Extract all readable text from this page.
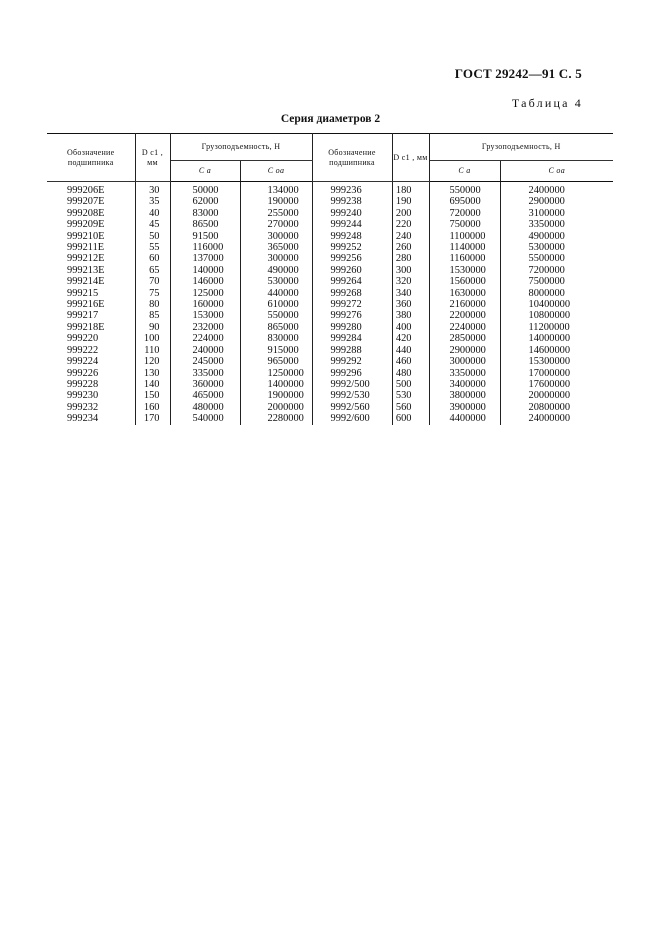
ГОСТ 29242—91 С. 5
Таблица 4
Серия диаметров 2
Обозначение подшипника	D c1 , мм	Грузоподъемность, Н		Обозначение подшипника	D c1 , мм	Грузоподъемность, Н	
		C a	C oa			C a	C oa
999206E	30	50000	134000	999236	180	550000	2400000
999207E	35	62000	190000	999238	190	695000	2900000
999208E	40	83000	255000	999240	200	720000	3100000
999209E	45	86500	270000	999244	220	750000	3350000
999210E	50	91500	300000	999248	240	1100000	4900000
999211E	55	116000	365000	999252	260	1140000	5300000
999212E	60	137000	300000	999256	280	1160000	5500000
999213E	65	140000	490000	999260	300	1530000	7200000
999214E	70	146000	530000	999264	320	1560000	7500000
999215	75	125000	440000	999268	340	1630000	8000000
999216E	80	160000	610000	999272	360	2160000	10400000
999217	85	153000	550000	999276	380	2200000	10800000
999218E	90	232000	865000	999280	400	2240000	11200000
999220	100	224000	830000	999284	420	2850000	14000000
999222	110	240000	915000	999288	440	2900000	14600000
999224	120	245000	965000	999292	460	3000000	15300000
999226	130	335000	1250000	999296	480	3350000	17000000
999228	140	360000	1400000	9992/500	500	3400000	17600000
999230	150	465000	1900000	9992/530	530	3800000	20000000
999232	160	480000	2000000	9992/560	560	3900000	20800000
999234	170	540000	2280000	9992/600	600	4400000	24000000
